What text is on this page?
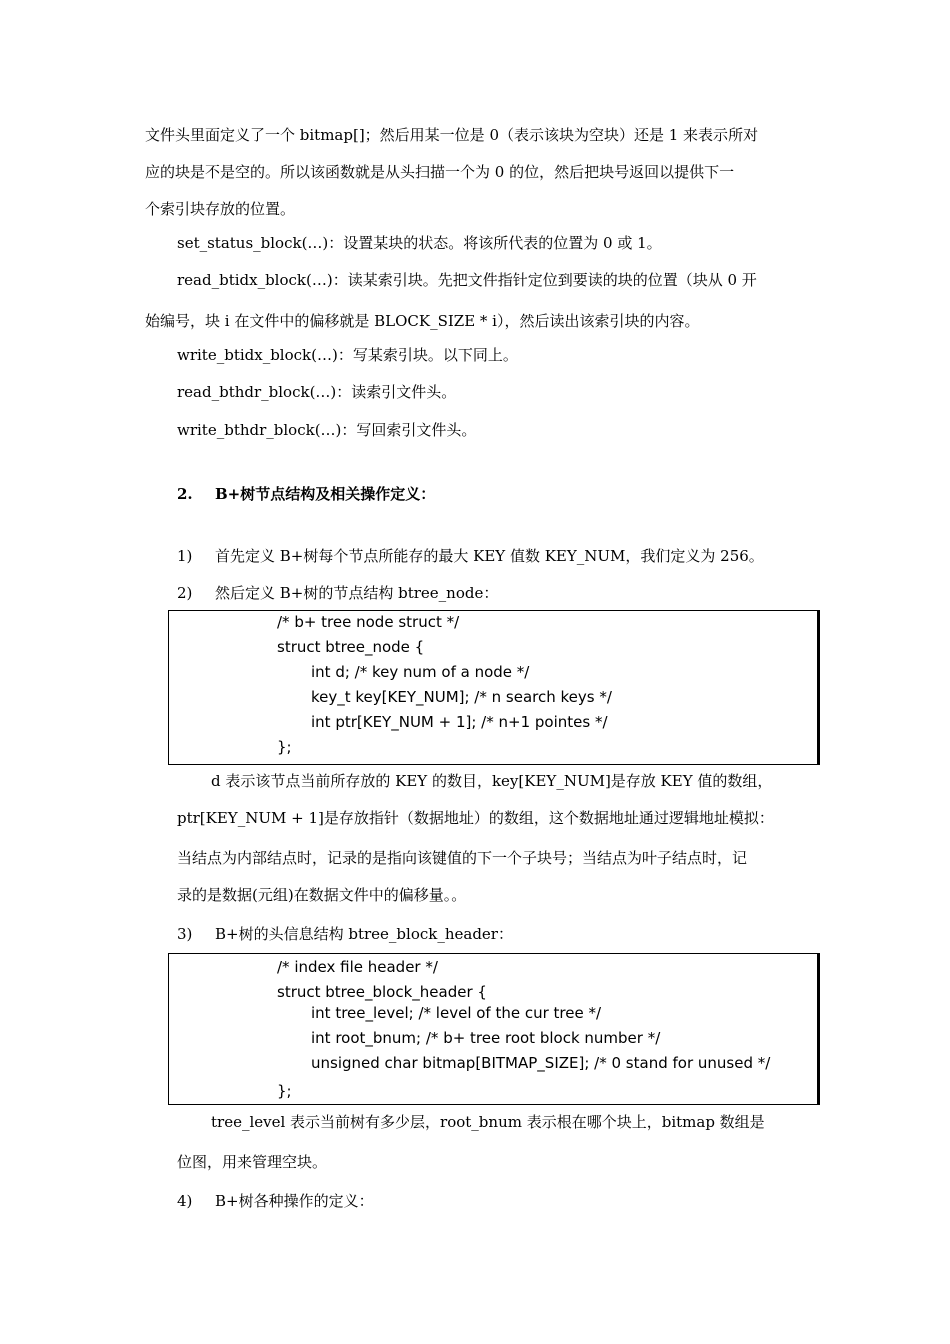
文件头里面定义了一个 bitmap[]；然后用某一位是 0（表示该块为空块）还是 1 来表示所对
应的块是不是空的。所以该函数就是从头扫描一个为 0 的位，然后把块号返回以提供下一
个索引块存放的位置。
set_status_block(…)：设置某块的状态。将该所代表的位置为 0 或 1。
read_btidx_block(…)：读某索引块。先把文件指针定位到要读的块的位置（块从 0 开
始编号，块 i 在文件中的偏移就是 BLOCK_SIZE * i），然后读出该索引块的内容。
write_btidx_block(…)：写某索引块。以下同上。
read_bthdr_block(…)：读索引文件头。
write_bthdr_block(…)：写回索引文件头。
2. B+树节点结构及相关操作定义：
1) 首先定义 B+树每个节点所能存的最大 KEY 值数 KEY_NUM，我们定义为 256。
2) 然后定义 B+树的节点结构 btree_node：
/* b+ tree node struct */
struct btree_node {
int d; /* key num of a node */
key_t key[KEY_NUM]; /* n search keys */
int ptr[KEY_NUM + 1]; /* n+1 pointes */
};
d 表示该节点当前所存放的 KEY 的数目，key[KEY_NUM]是存放 KEY 值的数组，
ptr[KEY_NUM + 1]是存放指针（数据地址）的数组，这个数据地址通过逻辑地址模拟：
当结点为内部结点时，记录的是指向该键值的下一个子块号；当结点为叶子结点时，记
录的是数据(元组)在数据文件中的偏移量。。
3) B+树的头信息结构 btree_block_header：
/* index file header */
struct btree_block_header {
int tree_level; /* level of the cur tree */
int root_bnum; /* b+ tree root block number */
unsigned char bitmap[BITMAP_SIZE]; /* 0 stand for unused */
};
tree_level 表示当前树有多少层，root_bnum 表示根在哪个块上，bitmap 数组是
位图，用来管理空块。
4) B+树各种操作的定义：
